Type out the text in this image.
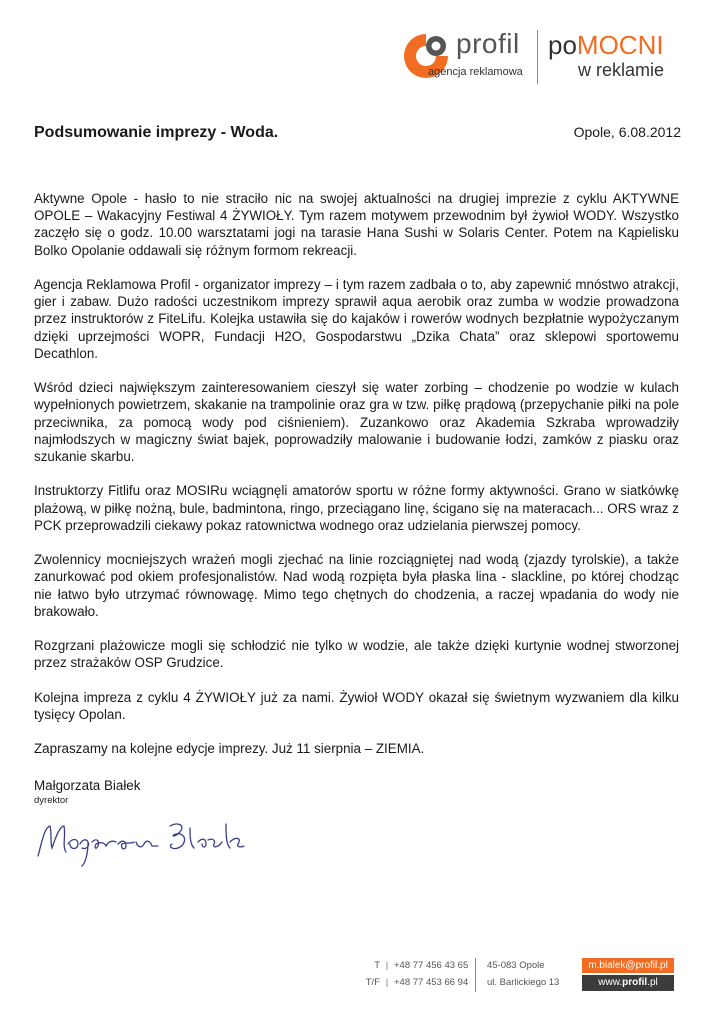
profil
agencja reklamowa
poMOCNI
w reklamie
Podsumowanie imprezy - Woda.	Opole, 6.08.2012

Aktywne Opole - hasło to nie straciło nic na swojej aktualności na drugiej imprezie z cyklu AKTYWNE OPOLE – Wakacyjny Festiwal 4 ŻYWIOŁY. Tym razem motywem przewodnim był żywioł WODY. Wszystko zaczęło się o godz. 10.00 warsztatami jogi na tarasie Hana Sushi w Solaris Center. Potem na Kąpielisku Bolko Opolanie oddawali się różnym formom rekreacji.

Agencja Reklamowa Profil - organizator imprezy – i tym razem zadbała o to, aby zapewnić mnóstwo atrakcji, gier i zabaw. Dużo radości uczestnikom imprezy sprawił aqua aerobik oraz zumba w wodzie prowadzona przez instruktorów z FiteLifu. Kolejka ustawiła się do kajaków i rowerów wodnych bezpłatnie wypożyczanym dzięki uprzejmości WOPR, Fundacji H2O, Gospodarstwu „Dzika Chata” oraz sklepowi sportowemu Decathlon.

Wśród dzieci największym zainteresowaniem cieszył się water zorbing – chodzenie po wodzie w kulach wypełnionych powietrzem, skakanie na trampolinie oraz gra w tzw. piłkę prądową (przepychanie piłki na pole przeciwnika, za pomocą wody pod ciśnieniem). Zuzankowo oraz Akademia Szkraba wprowadziły najmłodszych w magiczny świat bajek, poprowadziły malowanie i budowanie łodzi, zamków z piasku oraz szukanie skarbu.

Instruktorzy Fitlifu oraz MOSIRu wciągnęli amatorów sportu w różne formy aktywności. Grano w siatkówkę plażową, w piłkę nożną, bule, badmintona, ringo, przeciągano linę, ścigano się na materacach... ORS wraz z PCK przeprowadzili ciekawy pokaz ratownictwa wodnego oraz udzielania pierwszej pomocy.

Zwolennicy mocniejszych wrażeń mogli zjechać na linie rozciągniętej nad wodą (zjazdy tyrolskie), a także zanurkować pod okiem profesjonalistów. Nad wodą rozpięta była płaska lina - slackline, po której chodząc nie łatwo było utrzymać równowagę. Mimo tego chętnych do chodzenia, a raczej wpadania do wody nie brakowało.

Rozgrzani plażowicze mogli się schłodzić nie tylko w wodzie, ale także dzięki kurtynie wodnej stworzonej przez strażaków OSP Grudzice.

Kolejna impreza z cyklu 4 ŻYWIOŁY już za nami. Żywioł WODY okazał się świetnym wyzwaniem dla kilku tysięcy Opolan.

Zapraszamy na kolejne edycje imprezy. Już 11 sierpnia – ZIEMIA.

Małgorzata Białek
dyrektor
T | +48 77 456 43 65
T/F | +48 77 453 66 94
45-083 Opole
ul. Barlickiego 13
m.bialek@profil.pl
www.profil.pl
